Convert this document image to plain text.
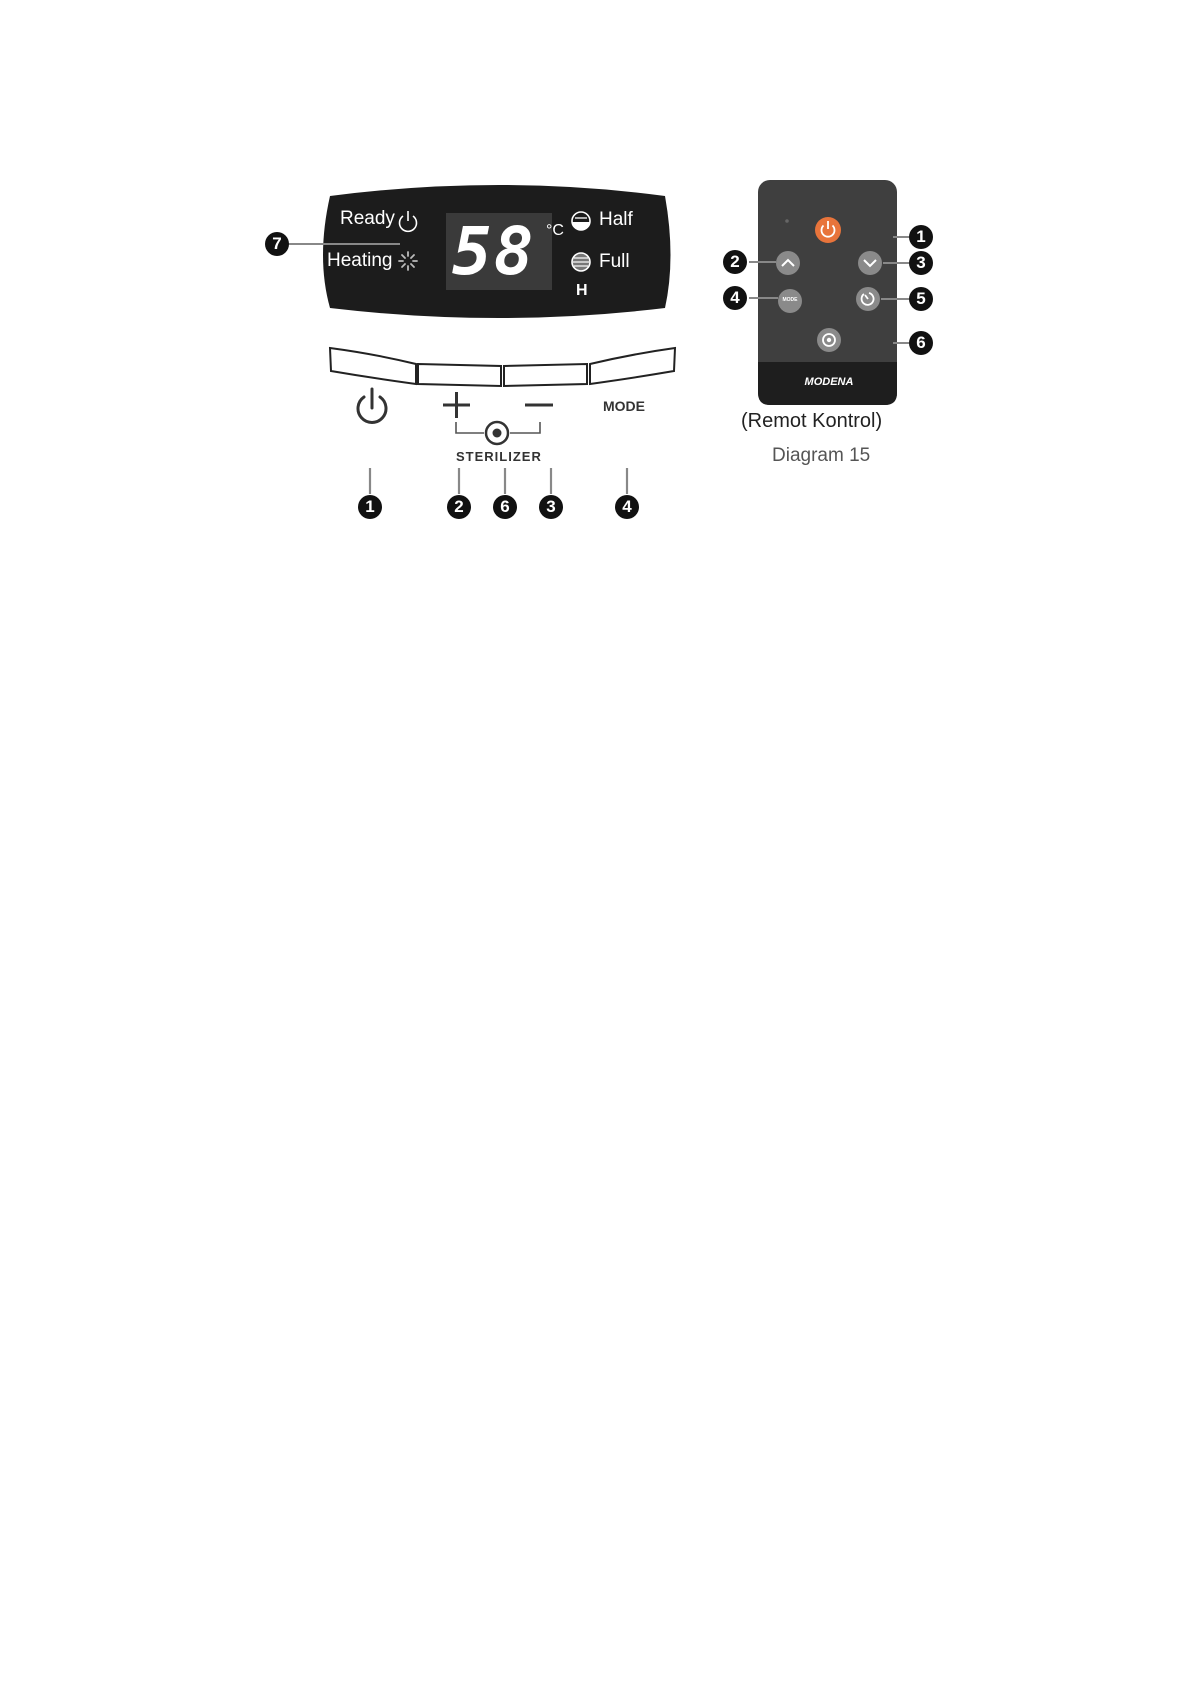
Ready
Heating 58 °C
Half
Full
H
MODE
STERILIZER
7
1	2	6	3	4
MODE
MODENA
2
4
1
3
5
6
(Remot Kontrol)
Diagram 15
